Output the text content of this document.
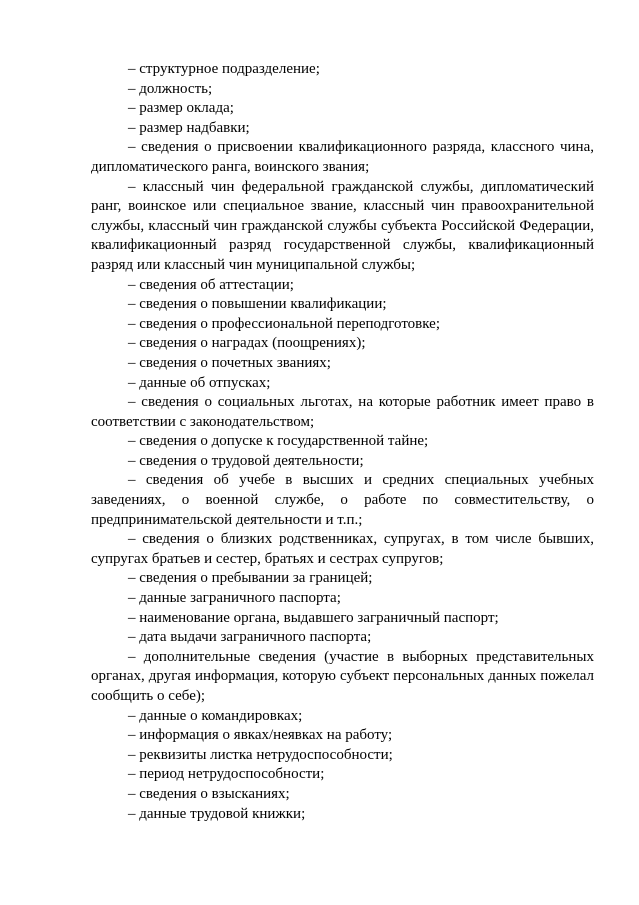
– структурное подразделение;

– должность;

– размер оклада;

– размер надбавки;

– сведения о присвоении квалификационного разряда, классного чина, дипломатического ранга, воинского звания;

– классный чин федеральной гражданской службы, дипломатический ранг, воинское или специальное звание, классный чин правоохранительной службы, классный чин гражданской службы субъекта Российской Федерации, квалификационный разряд государственной службы, квалификационный разряд или классный чин муниципальной службы;

– сведения об аттестации;

– сведения о повышении квалификации;

– сведения о профессиональной переподготовке;

– сведения о наградах (поощрениях);

– сведения о почетных званиях;

– данные об отпусках;

– сведения о социальных льготах, на которые работник имеет право в соответствии с законодательством;

– сведения о допуске к государственной тайне;

– сведения о трудовой деятельности;

– сведения об учебе в высших и средних специальных учебных заведениях, о военной службе, о работе по совместительству, о предпринимательской деятельности и т.п.;

– сведения о близких родственниках, супругах, в том числе бывших, супругах братьев и сестер, братьях и сестрах супругов;

– сведения о пребывании за границей;

– данные заграничного паспорта;

– наименование органа, выдавшего заграничный паспорт;

– дата выдачи заграничного паспорта;

– дополнительные сведения (участие в выборных представительных органах, другая информация, которую субъект персональных данных пожелал сообщить о себе);

– данные о командировках;

– информация о явках/неявках на работу;

– реквизиты листка нетрудоспособности;

– период нетрудоспособности;

– сведения о взысканиях;

– данные трудовой книжки;
